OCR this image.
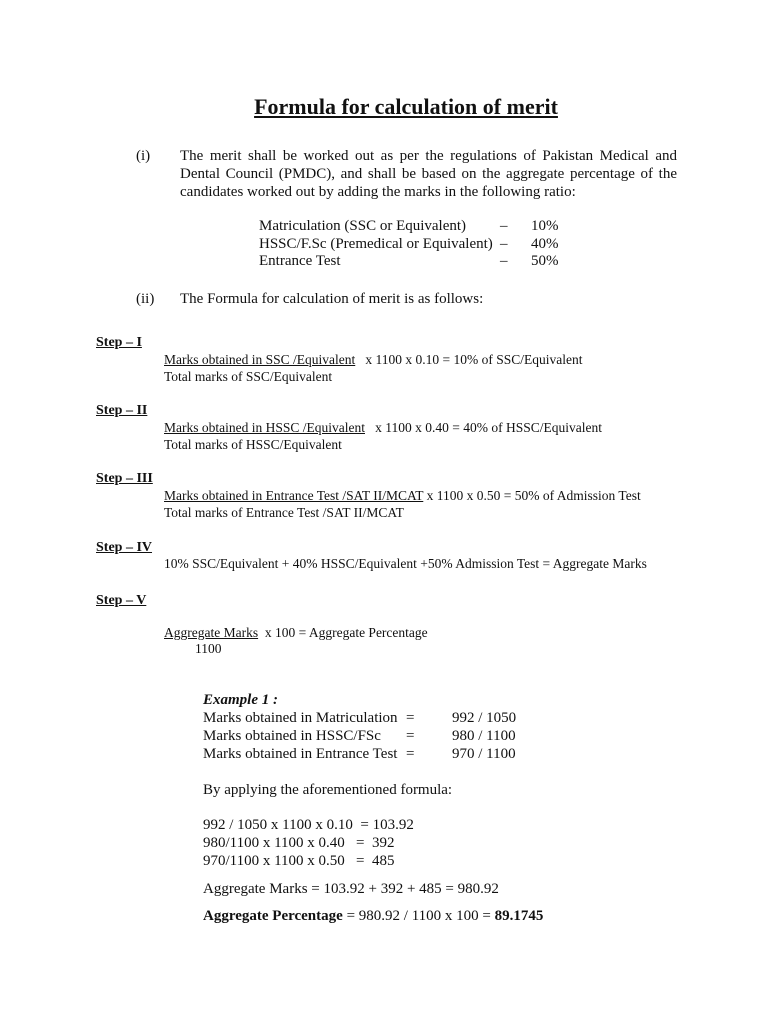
Formula for calculation of merit
(i) The merit shall be worked out as per the regulations of Pakistan Medical and Dental Council (PMDC), and shall be based on the aggregate percentage of the candidates worked out by adding the marks in the following ratio:
Matriculation (SSC or Equivalent) – 10%
HSSC/F.Sc (Premedical or Equivalent) – 40%
Entrance Test	– 50%
(ii) The Formula for calculation of merit is as follows:
Step – I
Marks obtained in SSC /Equivalent x 1100 x 0.10 = 10% of SSC/Equivalent
Total marks of SSC/Equivalent
Step – II
Marks obtained in HSSC /Equivalent x 1100 x 0.40 = 40% of HSSC/Equivalent
Total marks of HSSC/Equivalent
Step – III
Marks obtained in Entrance Test /SAT II/MCAT x 1100 x 0.50 = 50% of Admission Test
Total marks of Entrance Test /SAT II/MCAT
Step – IV
10% SSC/Equivalent + 40% HSSC/Equivalent +50% Admission Test = Aggregate Marks
Step – V
Aggregate Marks x 100 = Aggregate Percentage
1100
Example 1 :
Marks obtained in Matriculation =	992 / 1050
Marks obtained in HSSC/FSc =	980 / 1100
Marks obtained in Entrance Test =	970 / 1100
By applying the aforementioned formula:
992 / 1050 x 1100 x 0.10  = 103.92
980/1100 x 1100 x 0.40   =  392
970/1100 x 1100 x 0.50   =  485
Aggregate Marks = 103.92 + 392 + 485 = 980.92
Aggregate Percentage = 980.92 / 1100 x 100 = 89.1745
